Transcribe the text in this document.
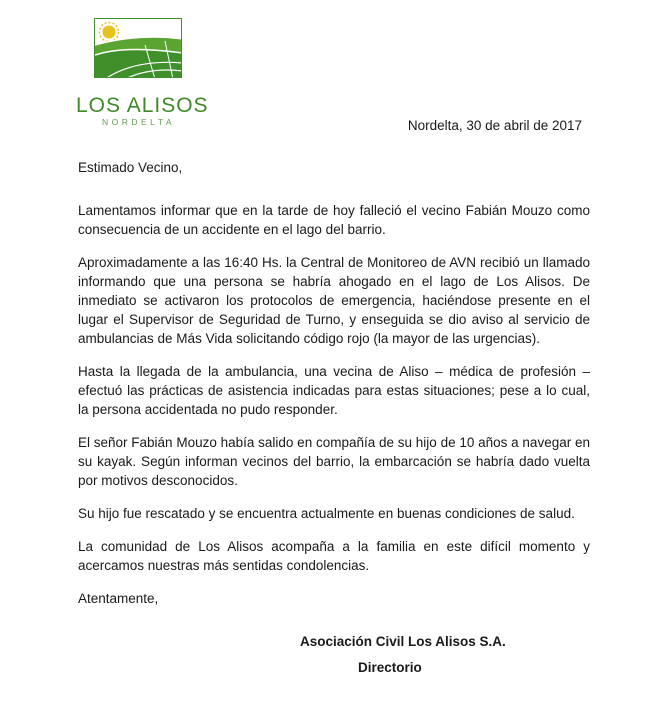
LOS ALISOS
NORDELTA	Nordelta, 30 de abril de 2017

Estimado Vecino,

Lamentamos informar que en la tarde de hoy falleció el vecino Fabián Mouzo como consecuencia de un accidente en el lago del barrio.

Aproximadamente a las 16:40 Hs. la Central de Monitoreo de AVN recibió un llamado informando que una persona se habría ahogado en el lago de Los Alisos. De inmediato se activaron los protocolos de emergencia, haciéndose presente en el lugar el Supervisor de Seguridad de Turno, y enseguida se dio aviso al servicio de ambulancias de Más Vida solicitando código rojo (la mayor de las urgencias).

Hasta la llegada de la ambulancia, una vecina de Aliso – médica de profesión –efectuó las prácticas de asistencia indicadas para estas situaciones; pese a lo cual, la persona accidentada no pudo responder.

El señor Fabián Mouzo había salido en compañía de su hijo de 10 años a navegar en su kayak. Según informan vecinos del barrio, la embarcación se habría dado vuelta por motivos desconocidos.

Su hijo fue rescatado y se encuentra actualmente en buenas condiciones de salud.

La comunidad de Los Alisos acompaña a la familia en este difícil momento y acercamos nuestras más sentidas condolencias.

Atentamente,

Asociación Civil Los Alisos S.A.
Directorio
